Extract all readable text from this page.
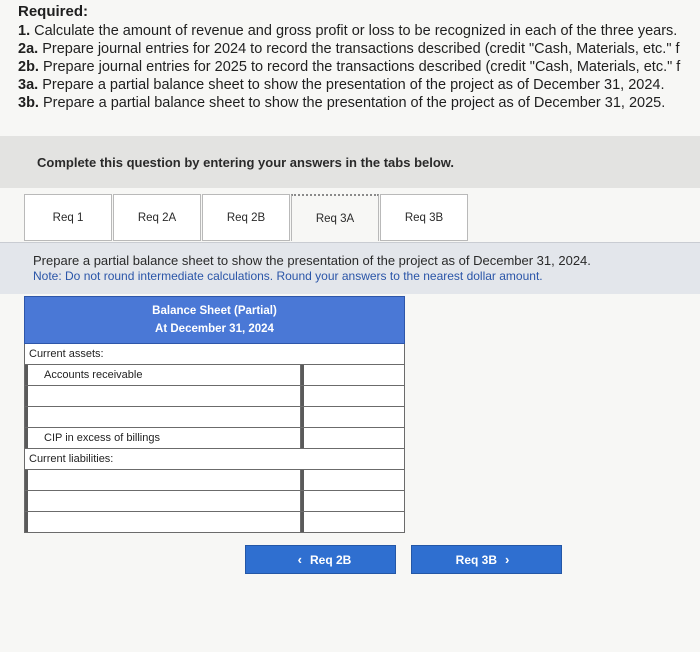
Required:
1. Calculate the amount of revenue and gross profit or loss to be recognized in each of the three years.
2a. Prepare journal entries for 2024 to record the transactions described (credit "Cash, Materials, etc." f
2b. Prepare journal entries for 2025 to record the transactions described (credit "Cash, Materials, etc." f
3a. Prepare a partial balance sheet to show the presentation of the project as of December 31, 2024.
3b. Prepare a partial balance sheet to show the presentation of the project as of December 31, 2025.
Complete this question by entering your answers in the tabs below.
Req 1	Req 2A	Req 2B	Req 3A	Req 3B
Prepare a partial balance sheet to show the presentation of the project as of December 31, 2024.
Note: Do not round intermediate calculations. Round your answers to the nearest dollar amount.
Balance Sheet (Partial)
At December 31, 2024
Current assets:
Accounts receivable
CIP in excess of billings
Current liabilities:
‹ Req 2B	Req 3B ›
